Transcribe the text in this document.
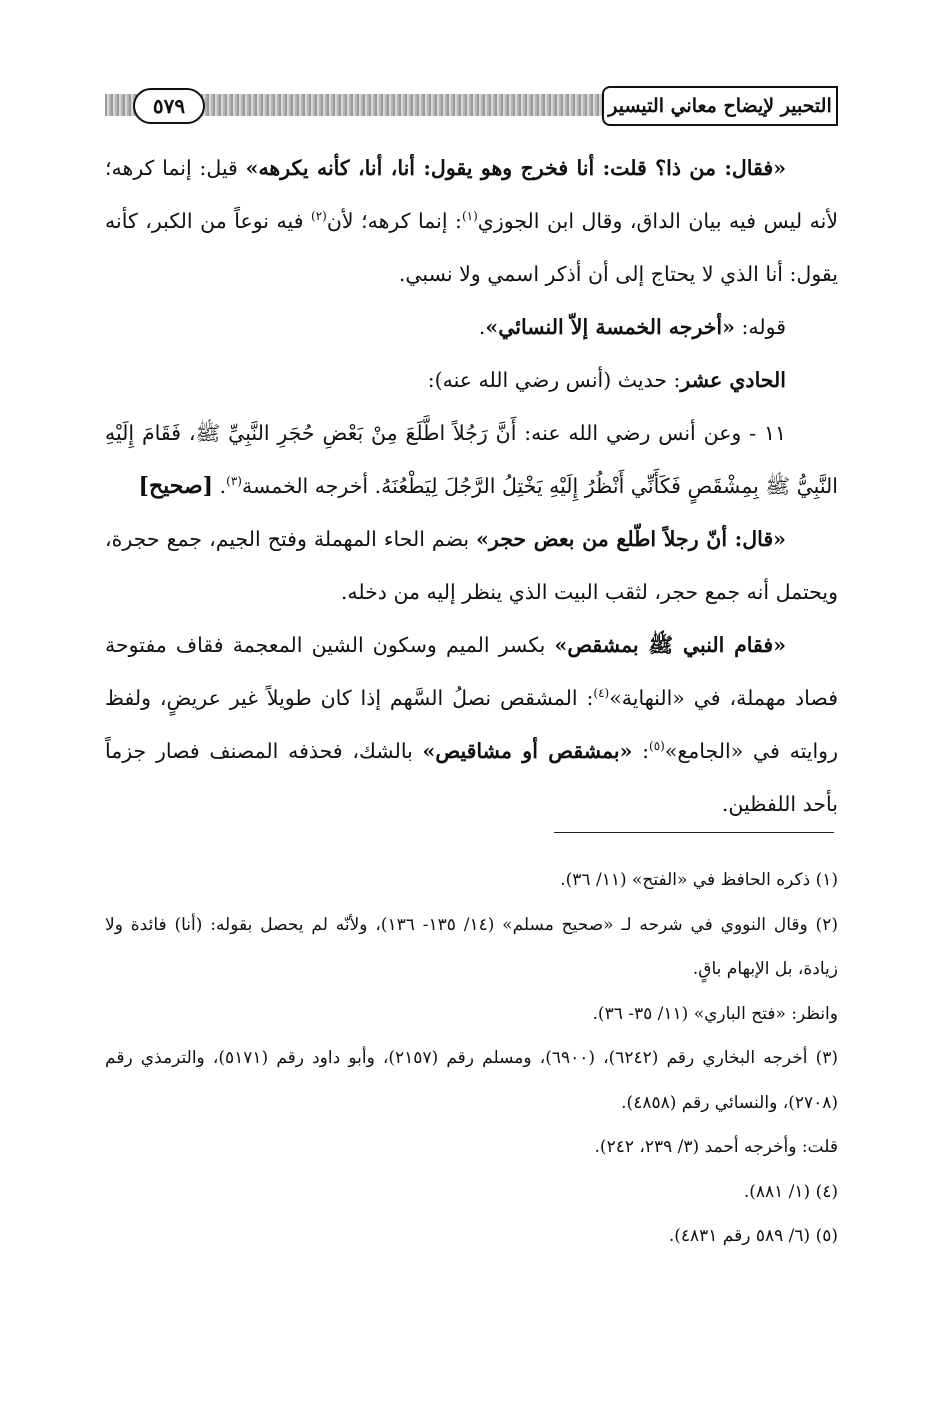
التحبير لإيضاح معاني التيسير
٥٧٩

«فقال: من ذا؟ قلت: أنا فخرج وهو يقول: أنا، أنا، كأنه يكرهه» قيل: إنما كرهه؛ لأنه ليس فيه بيان الداق، وقال ابن الجوزي$^{(١)}$: إنما كرهه؛ لأن$^{(٢)}$ فيه نوعاً من الكبر، كأنه يقول: أنا الذي لا يحتاج إلى أن أذكر اسمي ولا نسبي.

قوله: «أخرجه الخمسة إلاّ النسائي».

الحادي عشر: حديث (أنس رضي الله عنه):

١١ - وعن أنس رضي الله عنه: أَنَّ رَجُلاً اطَّلَعَ مِنْ بَعْضِ حُجَرِ النَّبِيِّ ﷺ، فَقَامَ إِلَيْهِ النَّبِيُّ ﷺ بِمِشْقَصٍ فَكَأَنِّي أَنْظُرُ إِلَيْهِ يَخْتِلُ الرَّجُلَ لِيَطْعُنَهُ. أخرجه الخمسة$^{(٣)}$. [صحيح]

«قال: أنّ رجلاً اطّلع من بعض حجر» بضم الحاء المهملة وفتح الجيم، جمع حجرة، ويحتمل أنه جمع حجر، لثقب البيت الذي ينظر إليه من دخله.

«فقام النبي ﷺ بمشقص» بكسر الميم وسكون الشين المعجمة فقاف مفتوحة فصاد مهملة، في «النهاية»$^{(٤)}$: المشقص نصلُ السَّهم إذا كان طويلاً غير عريضٍ، ولفظ روايته في «الجامع»$^{(٥)}$: «بمشقص أو مشاقيص» بالشك، فحذفه المصنف فصار جزماً بأحد اللفظين.

(١) ذكره الحافظ في «الفتح» (١١/ ٣٦).

(٢) وقال النووي في شرحه لـ «صحيح مسلم» (١٤/ ١٣٥- ١٣٦)، ولأنّه لم يحصل بقوله: (أنا) فائدة ولا زيادة، بل الإبهام باقٍ.

وانظر: «فتح الباري» (١١/ ٣٥- ٣٦).

(٣) أخرجه البخاري رقم (٦٢٤٢)، (٦٩٠٠)، ومسلم رقم (٢١٥٧)، وأبو داود رقم (٥١٧١)، والترمذي رقم (٢٧٠٨)، والنسائي رقم (٤٨٥٨).

قلت: وأخرجه أحمد (٣/ ٢٣٩، ٢٤٢).

(٤) (١/ ٨٨١).

(٥) (٦/ ٥٨٩ رقم ٤٨٣١).
